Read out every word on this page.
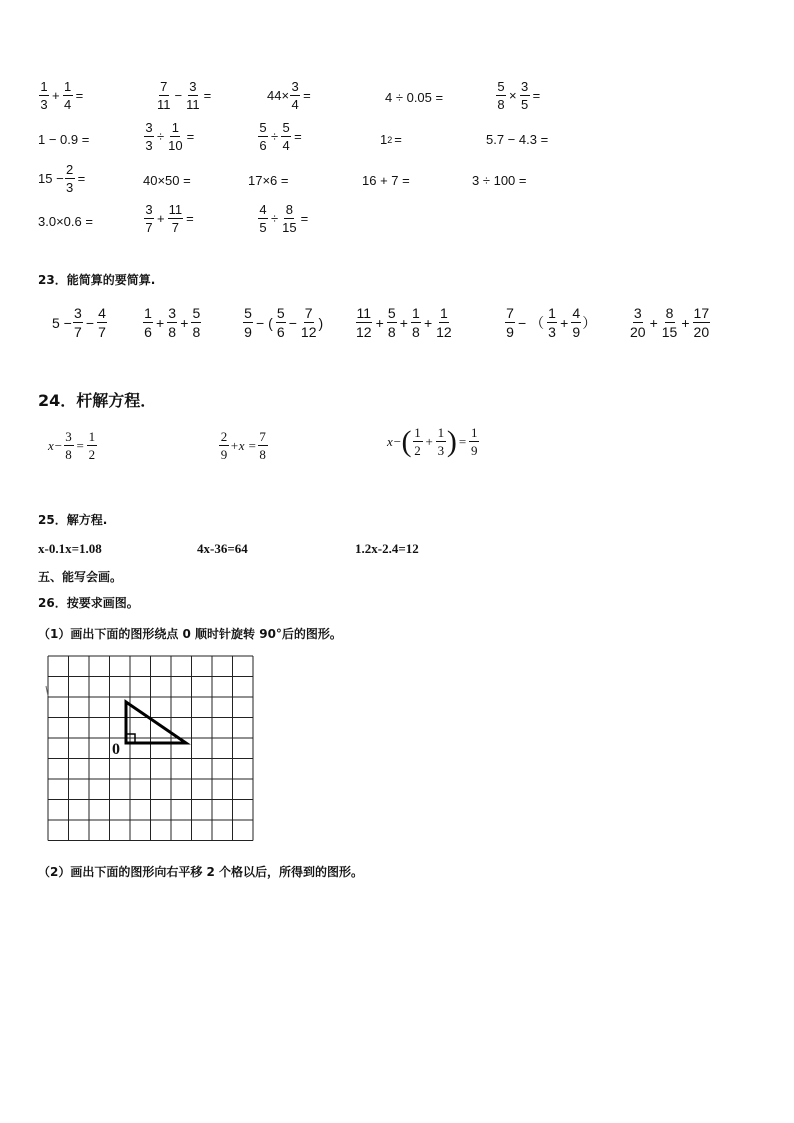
$\frac{1}{3} + \frac{1}{4}$ =	$\frac{7}{11} - \frac{3}{11}$ =	$44\times \frac{3}{4}$ =	4 ÷ 0.05 =	$\frac{5}{8} \times \frac{3}{5}$ =
1 − 0.9 =	$\frac{3}{3} \div \frac{1}{10}$ =	$\frac{5}{6} \div \frac{5}{4}$ =	1 2 =	5.7 − 4.3 =
$15 - \frac{2}{3}$ =	40×50 =	17×6 =	16 + 7 =	3 ÷ 100 =
3.0×0.6 =	$\frac{3}{7} + \frac{11}{7}$ =	$\frac{4}{5} \div \frac{8}{15}$ =
23．能简算的要简算.
$5 - \frac{3}{7} - \frac{4}{7}$	$\frac{1}{6} + \frac{3}{8} + \frac{5}{8}$	$\frac{5}{9}$ − ( $\frac{5}{6} - \frac{7}{12}$ ) $\frac{11}{12} + \frac{5}{8} + \frac{1}{8} + \frac{1}{12}$	$\frac{7}{9}$ − （ $\frac{1}{3} + \frac{4}{9}$ ） $\frac{3}{20} + \frac{8}{15} + \frac{17}{20}$
24．杆解方程．
$x- \frac{3}{8} = \frac{1}{2}$	$\frac{2}{9} +x = \frac{7}{8}$	x− ( $\frac{1}{2} + \frac{1}{3}$ ) = $\frac{1}{9}$
25．解方程.
x-0.1x=1.08	4x-36=64	1.2x-2.4=12
五、能写会画。
26．按要求画图。
（1）画出下面的图形绕点 0 顺时针旋转 90°后的图形。
0
（2）画出下面的图形向右平移 2 个格以后，所得到的图形。
